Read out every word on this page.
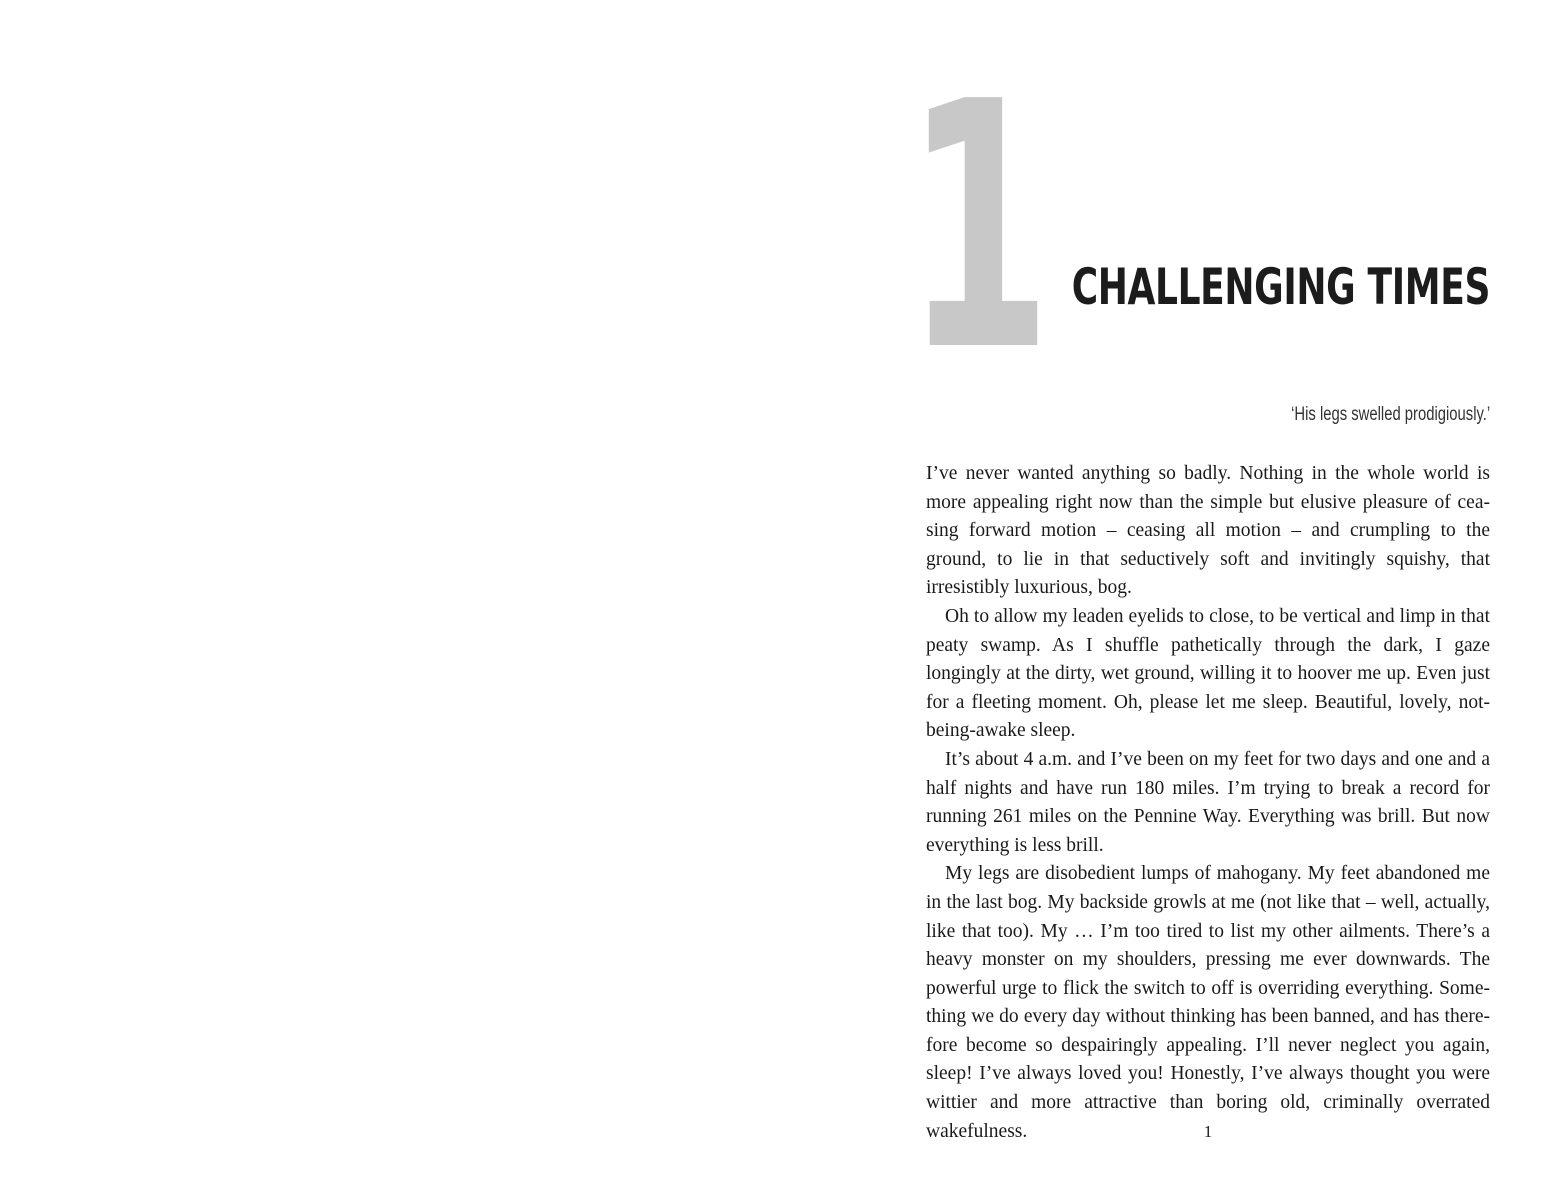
1 CHALLENGING TIMES
‘His legs swelled prodigiously.’

I’ve never wanted anything so badly. Nothing in the whole world is more appealing right now than the simple but elusive pleasure of ceasing forward motion – ceasing all motion – and crumpling to the ground, to lie in that seductively soft and invitingly squishy, that irresistibly luxurious, bog.

Oh to allow my leaden eyelids to close, to be vertical and limp in that peaty swamp. As I shuffle pathetically through the dark, I gaze longingly at the dirty, wet ground, willing it to hoover me up. Even just for a fleeting moment. Oh, please let me sleep. Beautiful, lovely, not-being-awake sleep.

It’s about 4 a.m. and I’ve been on my feet for two days and one and a half nights and have run 180 miles. I’m trying to break a record for running 261 miles on the Pennine Way. Everything was brill. But now everything is less brill.

My legs are disobedient lumps of mahogany. My feet abandoned me in the last bog. My backside growls at me (not like that – well, actually, like that too). My … I’m too tired to list my other ailments. There’s a heavy monster on my shoulders, pressing me ever downwards. The powerful urge to flick the switch to off is overriding everything. Something we do every day without thinking has been banned, and has therefore become so despairingly appealing. I’ll never neglect you again, sleep! I’ve always loved you! Honestly, I’ve always thought you were wittier and more attractive than boring old, criminally overrated wakefulness.	1
